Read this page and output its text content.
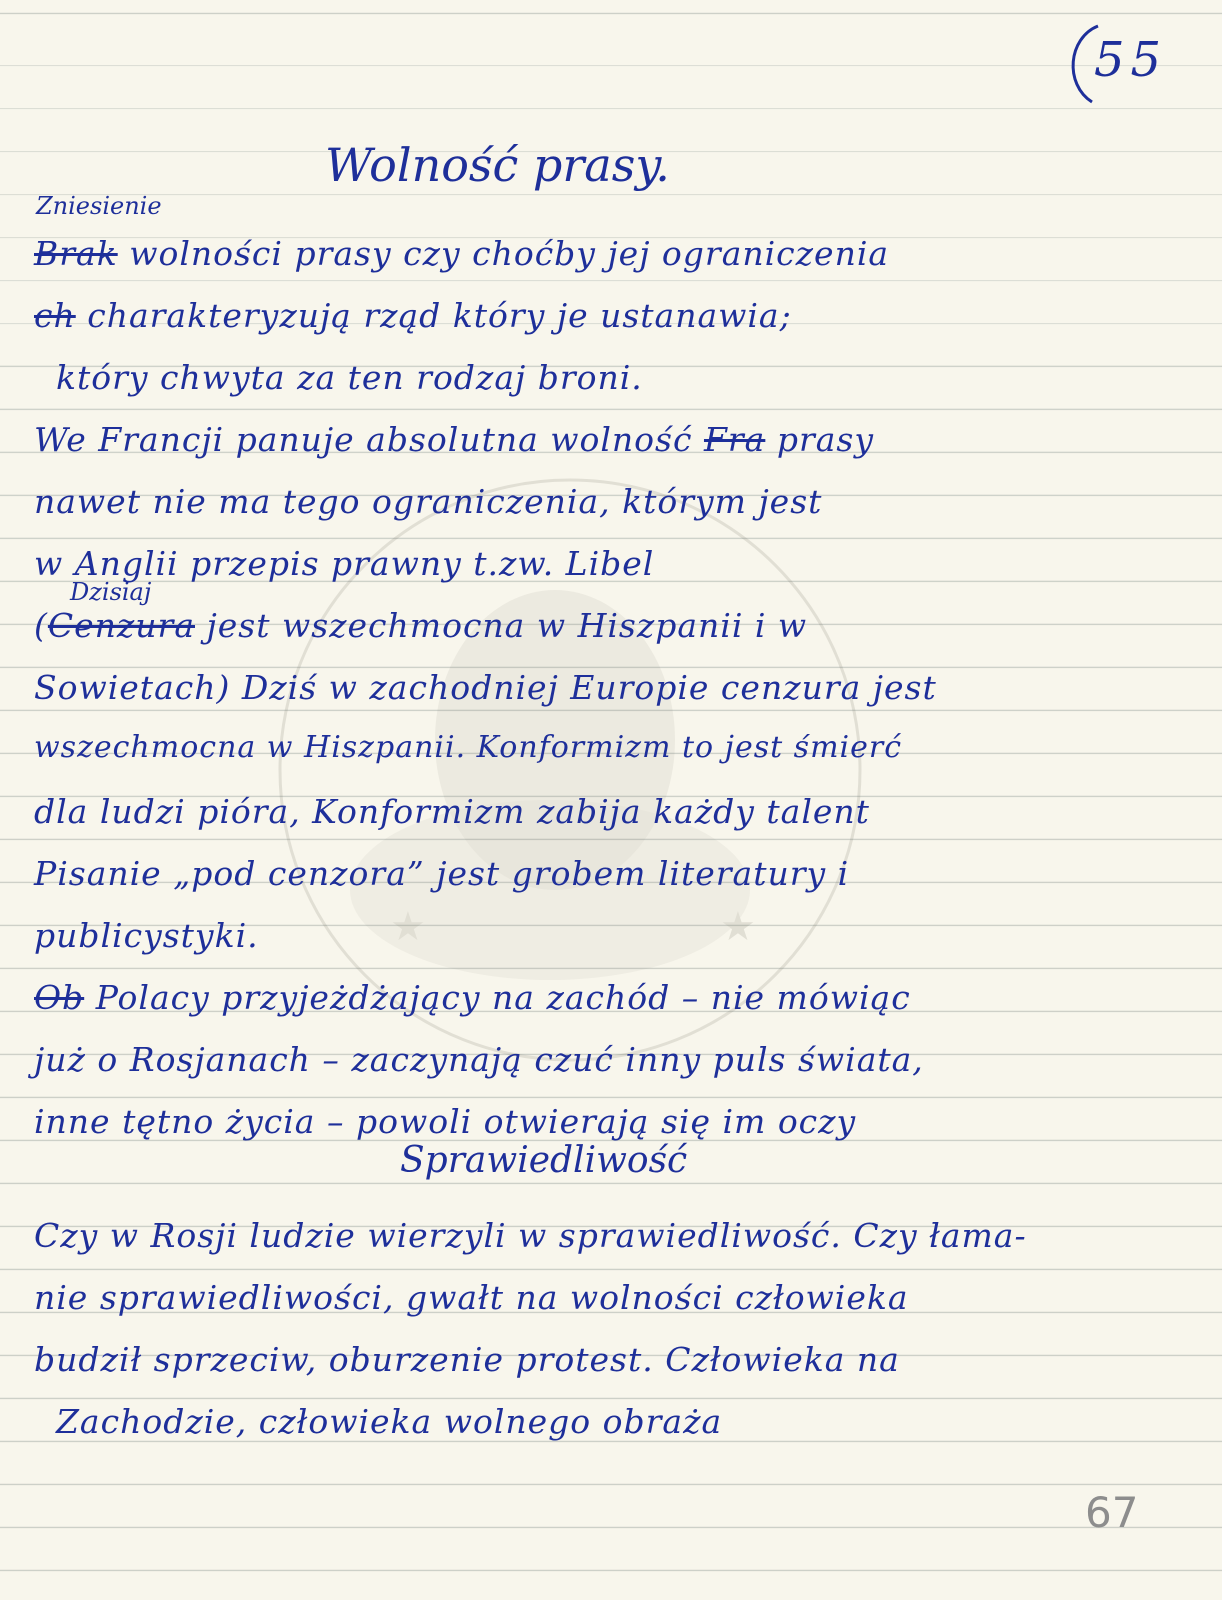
★	★
55
Wolność prasy.
Zniesienie
Dzisiaj
Brak wolności prasy czy choćby jej ograniczenia
ch charakteryzują rząd który je ustanawia;
który chwyta za ten rodzaj broni.
We Francji panuje absolutna wolność Fra prasy
nawet nie ma tego ograniczenia, którym jest
w Anglii przepis prawny t.zw. Libel
(Cenzura jest wszechmocna w Hiszpanii i w
Sowietach) Dziś w zachodniej Europie cenzura jest
wszechmocna w Hiszpanii. Konformizm to jest śmierć
dla ludzi pióra, Konformizm zabija każdy talent
Pisanie „pod cenzora” jest grobem literatury i
publicystyki.
Ob Polacy przyjeżdżający na zachód – nie mówiąc
już o Rosjanach – zaczynają czuć inny puls świata,
inne tętno życia – powoli otwierają się im oczy
Sprawiedliwość
Czy w Rosji ludzie wierzyli w sprawiedliwość. Czy łama-
nie sprawiedliwości, gwałt na wolności człowieka
budził sprzeciw, oburzenie protest. Człowieka na
Zachodzie, człowieka wolnego obraża
67
